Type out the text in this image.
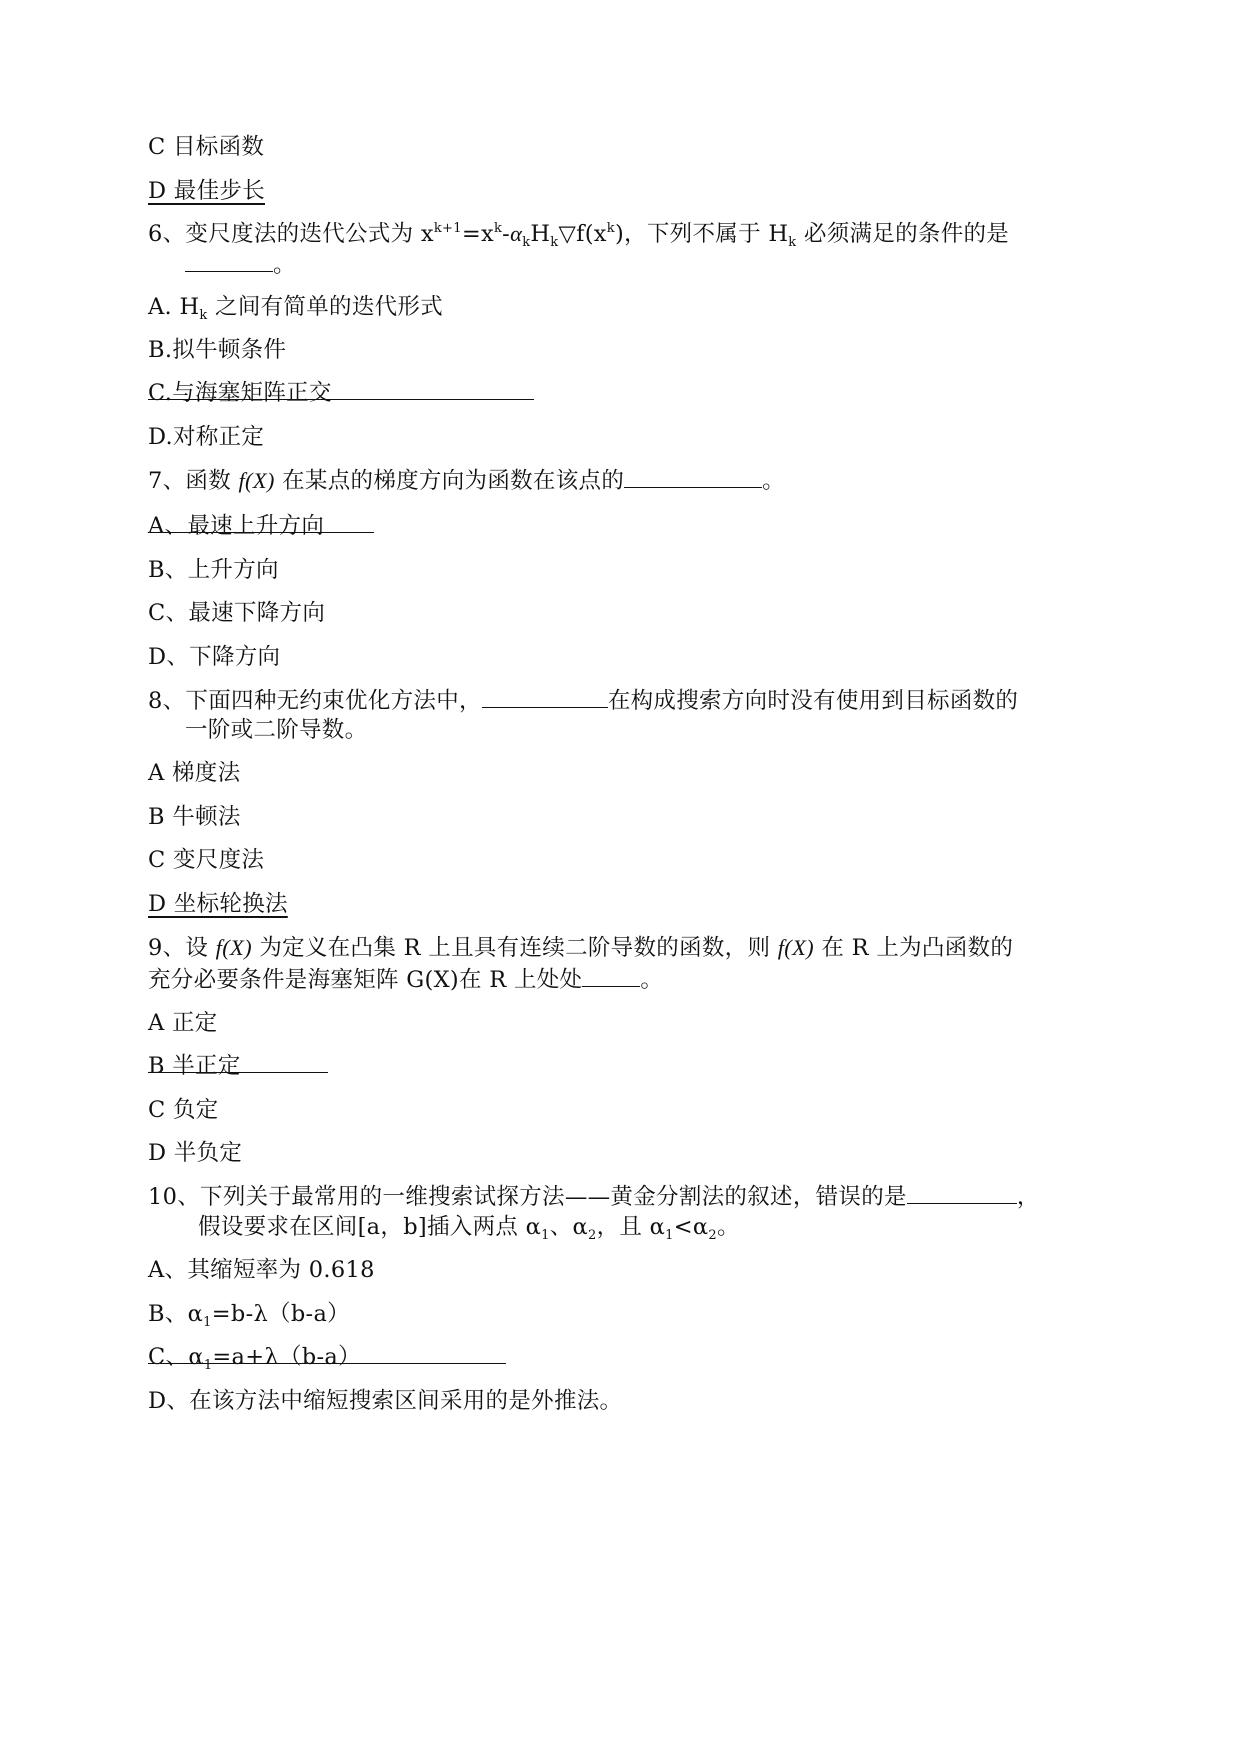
C 目标函数
D 最佳步长
6、变尺度法的迭代公式为 $x^{k+1}=x^k-\alpha_kH_k▽f(x^k)$，下列不属于 $H_k$ 必须满足的条件的是
。
A. $H_k$ 之间有简单的迭代形式
B.拟牛顿条件
C.与海塞矩阵正交
D.对称正定
7、函数 f(X) 在某点的梯度方向为函数在该点的	。
A、最速上升方向
B、上升方向
C、最速下降方向
D、下降方向
8、下面四种无约束优化方法中，	在构成搜索方向时没有使用到目标函数的
一阶或二阶导数。
A 梯度法
B 牛顿法
C 变尺度法
D 坐标轮换法
9、设 f(X) 为定义在凸集 R 上且具有连续二阶导数的函数，则 f(X) 在 R 上为凸函数的
充分必要条件是海塞矩阵 G(X)在 R 上处处	。
A 正定
B 半正定
C 负定
D 半负定
10、下列关于最常用的一维搜索试探方法——黄金分割法的叙述，错误的是	，
假设要求在区间[a，b]插入两点 $\alpha_1$、$\alpha_2$，且 $\alpha_1<\alpha_2$。
A、其缩短率为 0.618
B、$\alpha_1=b-\lambda(b-a)$
C、$\alpha_1=a+\lambda(b-a)$
D、在该方法中缩短搜索区间采用的是外推法。
